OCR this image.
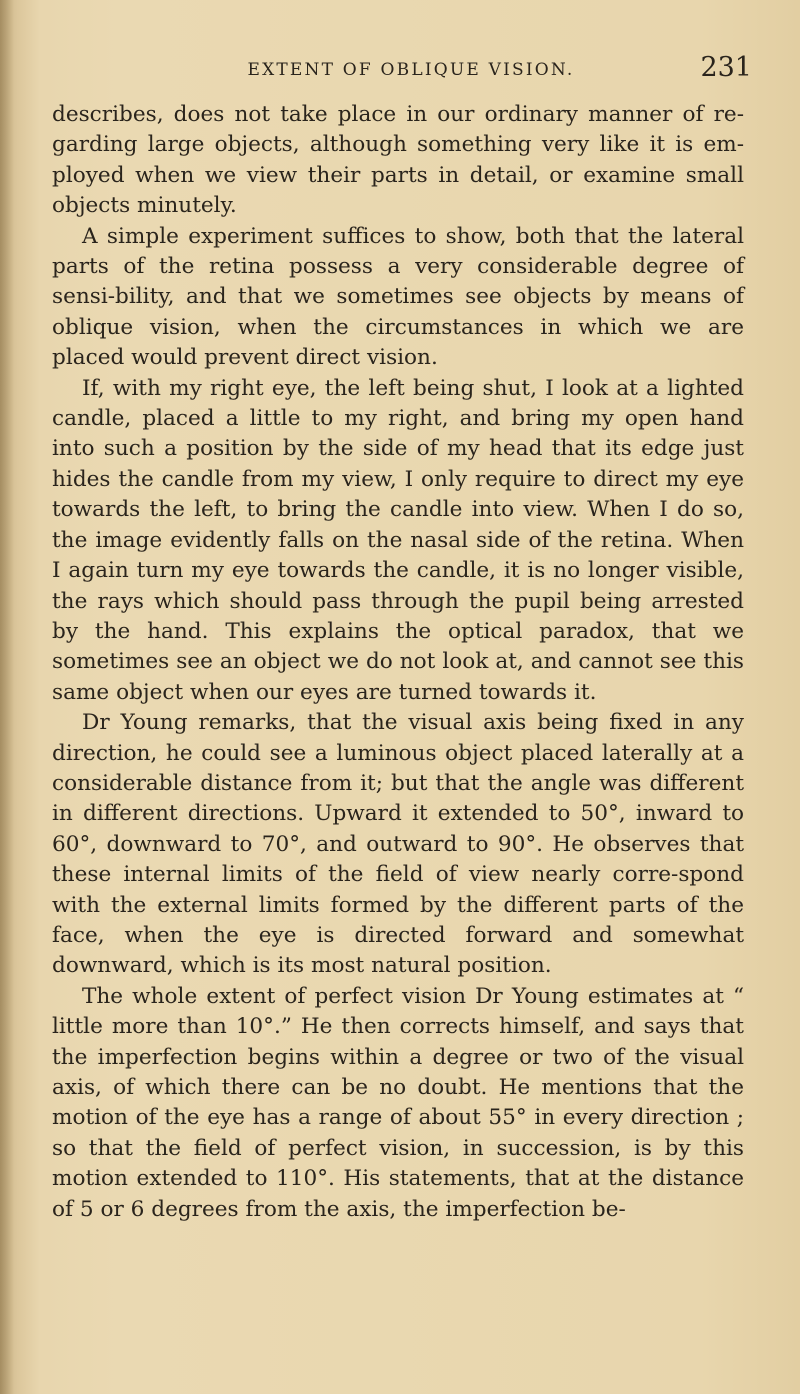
EXTENT OF OBLIQUE VISION.	231

describes, does not take place in our ordinary manner of re-garding large objects, although something very like it is em-ployed when we view their parts in detail, or examine small objects minutely.

A simple experiment suffices to show, both that the lateral parts of the retina possess a very considerable degree of sensi-bility, and that we sometimes see objects by means of oblique vision, when the circumstances in which we are placed would prevent direct vision.

If, with my right eye, the left being shut, I look at a lighted candle, placed a little to my right, and bring my open hand into such a position by the side of my head that its edge just hides the candle from my view, I only require to direct my eye towards the left, to bring the candle into view. When I do so, the image evidently falls on the nasal side of the retina. When I again turn my eye towards the candle, it is no longer visible, the rays which should pass through the pupil being arrested by the hand. This explains the optical paradox, that we sometimes see an object we do not look at, and cannot see this same object when our eyes are turned towards it.

Dr Young remarks, that the visual axis being fixed in any direction, he could see a luminous object placed laterally at a considerable distance from it; but that the angle was different in different directions. Upward it extended to 50°, inward to 60°, downward to 70°, and outward to 90°. He observes that these internal limits of the field of view nearly corre-spond with the external limits formed by the different parts of the face, when the eye is directed forward and somewhat downward, which is its most natural position.

The whole extent of perfect vision Dr Young estimates at “ little more than 10°.” He then corrects himself, and says that the imperfection begins within a degree or two of the visual axis, of which there can be no doubt. He mentions that the motion of the eye has a range of about 55° in every direction ; so that the field of perfect vision, in succession, is by this motion extended to 110°. His statements, that at the distance of 5 or 6 degrees from the axis, the imperfection be-
